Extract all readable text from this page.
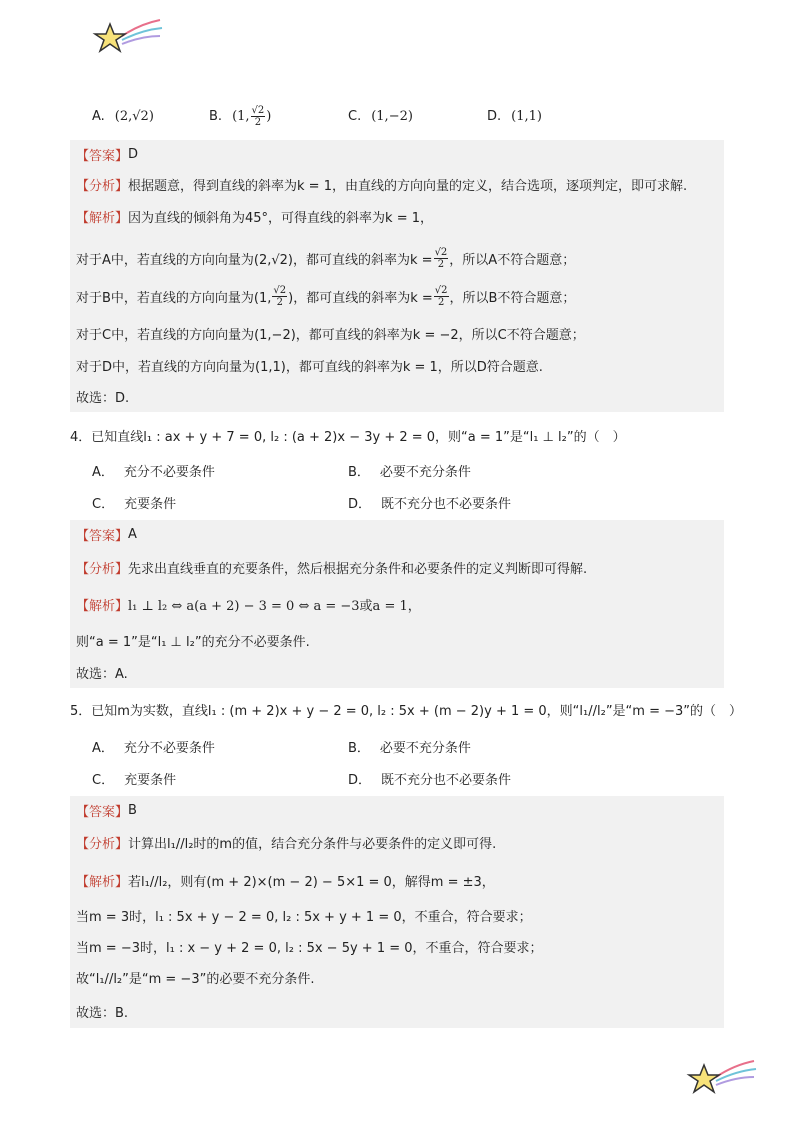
A. (2,√2)	B. (1, $\frac{√2}{2}$ )	C. (1,−2)	D. (1,1)
【答案】 D
【分析】 根据题意，得到直线的斜率为k = 1，由直线的方向向量的定义，结合选项，逐项判定，即可求解.
【解析】 因为直线的倾斜角为45°，可得直线的斜率为k = 1，
对于A中，若直线的方向向量为(2,√2)，都可直线的斜率为$k = \frac{√2}{2}$ ，所以A不符合题意；
对于B中，若直线的方向向量为(1, $\frac{√2}{2}$ )，都可直线的斜率为$k = \frac{√2}{2}$ ，所以B不符合题意；
对于C中，若直线的方向向量为(1,−2)，都可直线的斜率为k = −2，所以C不符合题意；
对于D中，若直线的方向向量为(1,1)，都可直线的斜率为k = 1，所以D符合题意.
故选：D.
4．已知直线l₁ : ax + y + 7 = 0, l₂ : (a + 2)x − 3y + 2 = 0，则“a = 1”是“l₁ ⊥ l₂”的（　）
A． 充分不必要条件	B． 必要不充分条件
C． 充要条件	D． 既不充分也不必要条件
【答案】 A
【分析】 先求出直线垂直的充要条件，然后根据充分条件和必要条件的定义判断即可得解.
【解析】 l₁ ⊥ l₂ ⇔ a(a + 2) − 3 = 0 ⇔ a = −3或a = 1，
则“a = 1”是“l₁ ⊥ l₂”的充分不必要条件.
故选：A.
5．已知m为实数，直线l₁ : (m + 2)x + y − 2 = 0, l₂ : 5x + (m − 2)y + 1 = 0，则“l₁//l₂”是“m = −3”的（　）
A． 充分不必要条件	B． 必要不充分条件
C． 充要条件	D． 既不充分也不必要条件
【答案】 B
【分析】 计算出l₁//l₂时的m的值，结合充分条件与必要条件的定义即可得.
【解析】 若l₁//l₂，则有(m + 2)×(m − 2) − 5×1 = 0，解得m = ±3，
当m = 3时，l₁ : 5x + y − 2 = 0, l₂ : 5x + y + 1 = 0，不重合，符合要求；
当m = −3时，l₁ : x − y + 2 = 0, l₂ : 5x − 5y + 1 = 0，不重合，符合要求；
故“l₁//l₂”是“m = −3”的必要不充分条件.
故选：B.
